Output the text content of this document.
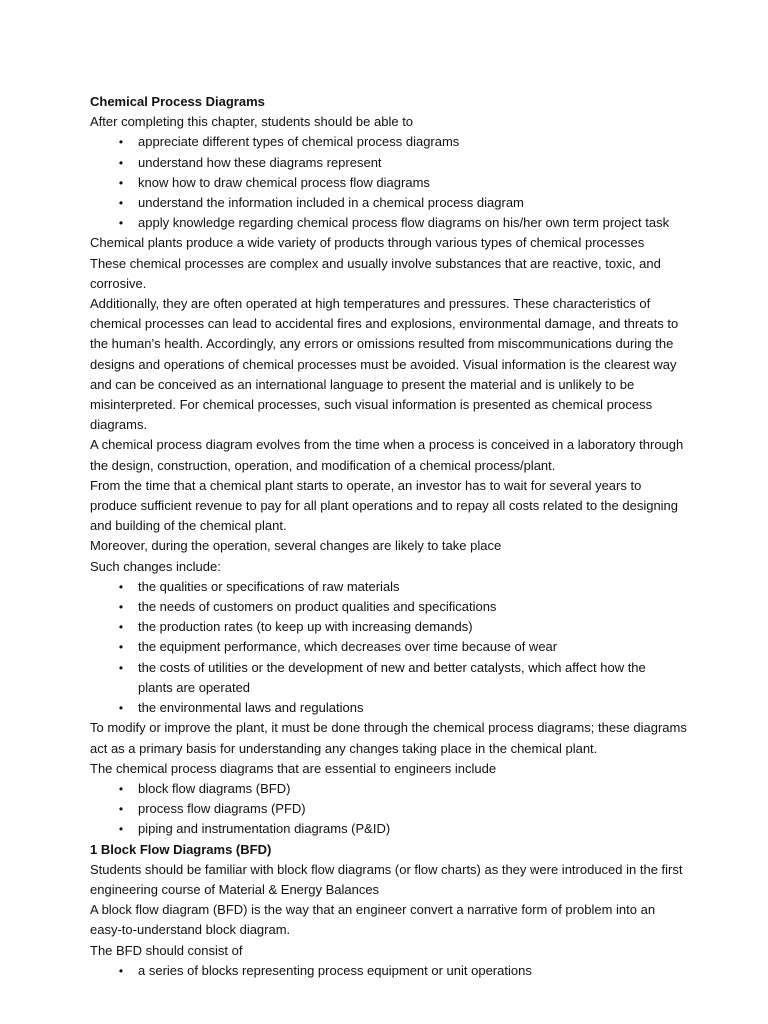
Chemical Process Diagrams
After completing this chapter, students should be able to
•	appreciate different types of chemical process diagrams
•	understand how these diagrams represent
•	know how to draw chemical process flow diagrams
•	understand the information included in a chemical process diagram
•	apply knowledge regarding chemical process flow diagrams on his/her own term project task
Chemical plants produce a wide variety of products through various types of chemical processes
These chemical processes are complex and usually involve substances that are reactive, toxic, and
corrosive.
Additionally, they are often operated at high temperatures and pressures. These characteristics of
chemical processes can lead to accidental fires and explosions, environmental damage, and threats to
the human’s health. Accordingly, any errors or omissions resulted from miscommunications during the
designs and operations of chemical processes must be avoided. Visual information is the clearest way
and can be conceived as an international language to present the material and is unlikely to be
misinterpreted. For chemical processes, such visual information is presented as chemical process
diagrams.
A chemical process diagram evolves from the time when a process is conceived in a laboratory through
the design, construction, operation, and modification of a chemical process/plant.
From the time that a chemical plant starts to operate, an investor has to wait for several years to
produce sufficient revenue to pay for all plant operations and to repay all costs related to the designing
and building of the chemical plant.
Moreover, during the operation, several changes are likely to take place
Such changes include:
•	the qualities or specifications of raw materials
•	the needs of customers on product qualities and specifications
•	the production rates (to keep up with increasing demands)
•	the equipment performance, which decreases over time because of wear
•	the costs of utilities or the development of new and better catalysts, which affect how the
plants are operated
•	the environmental laws and regulations
To modify or improve the plant, it must be done through the chemical process diagrams; these diagrams
act as a primary basis for understanding any changes taking place in the chemical plant.
The chemical process diagrams that are essential to engineers include
•	block flow diagrams (BFD)
•	process flow diagrams (PFD)
•	piping and instrumentation diagrams (P&ID)
1 Block Flow Diagrams (BFD)
Students should be familiar with block flow diagrams (or flow charts) as they were introduced in the first
engineering course of Material & Energy Balances
A block flow diagram (BFD) is the way that an engineer convert a narrative form of problem into an
easy-to-understand block diagram.
The BFD should consist of
•	a series of blocks representing process equipment or unit operations
